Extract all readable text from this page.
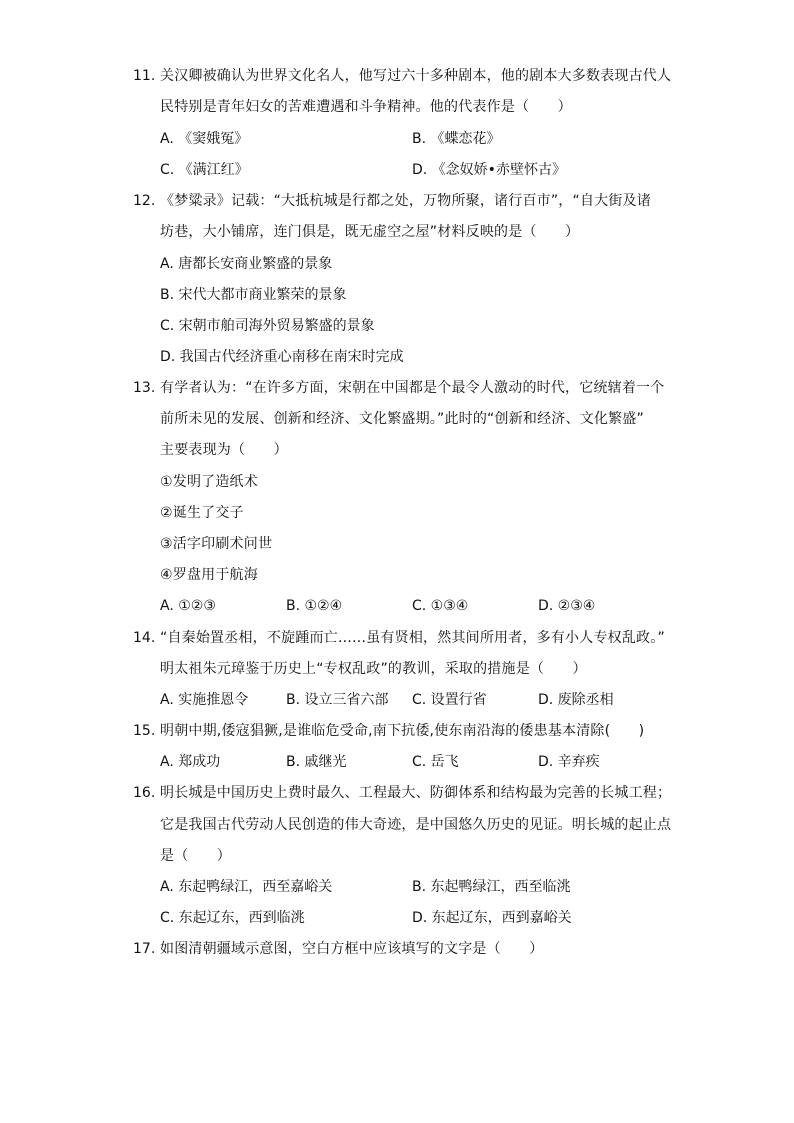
11. 关汉卿被确认为世界文化名人，他写过六十多种剧本，他的剧本大多数表现古代人
民特别是青年妇女的苦难遭遇和斗争精神。他的代表作是（　　）
A. 《窦娥冤》	B. 《蝶恋花》
C. 《满江红》	D. 《念奴娇•赤壁怀古》
12. 《梦粱录》记载：“大抵杭城是行都之处，万物所聚，诸行百市”，“自大街及诸
坊巷，大小铺席，连门俱是，既无虚空之屋”材料反映的是（　　）
A. 唐都长安商业繁盛的景象
B. 宋代大都市商业繁荣的景象
C. 宋朝市舶司海外贸易繁盛的景象
D. 我国古代经济重心南移在南宋时完成
13. 有学者认为：“在许多方面，宋朝在中国都是个最令人激动的时代，它统辖着一个
前所未见的发展、创新和经济、文化繁盛期。”此时的“创新和经济、文化繁盛”
主要表现为（　　）
①发明了造纸术
②诞生了交子
③活字印刷术问世
④罗盘用于航海
A. ①②③	B. ①②④	C. ①③④	D. ②③④
14. “自秦始置丞相，不旋踵而亡……虽有贤相，然其间所用者，多有小人专权乱政。”
明太祖朱元璋鉴于历史上“专权乱政”的教训，采取的措施是（　　）
A. 实施推恩令	B. 设立三省六部 C. 设置行省	D. 废除丞相
15. 明朝中期,倭寇猖獗,是谁临危受命,南下抗倭,使东南沿海的倭患基本清除(　　)
A. 郑成功	B. 戚继光	C. 岳飞	D. 辛弃疾
16. 明长城是中国历史上费时最久、工程最大、防御体系和结构最为完善的长城工程；
它是我国古代劳动人民创造的伟大奇迹，是中国悠久历史的见证。明长城的起止点
是（　　）
A. 东起鸭绿江，西至嘉峪关	B. 东起鸭绿江，西至临洮
C. 东起辽东，西到临洮	D. 东起辽东，西到嘉峪关
17. 如图清朝疆域示意图，空白方框中应该填写的文字是（　　）
